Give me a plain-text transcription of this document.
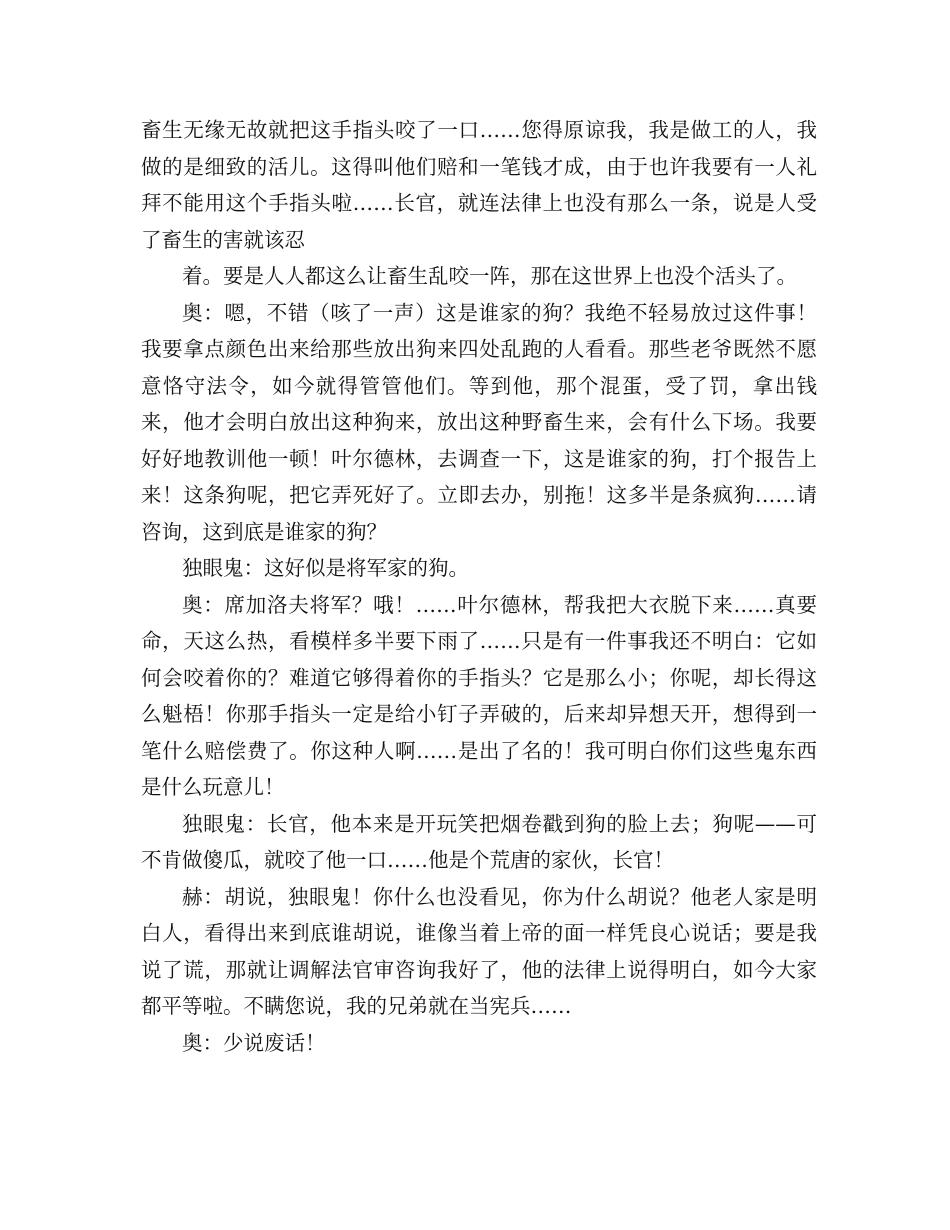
畜生无缘无故就把这手指头咬了一口……您得原谅我，我是做工的人，我做的是细致的活儿。这得叫他们赔和一笔钱才成，由于也许我要有一人礼拜不能用这个手指头啦……长官，就连法律上也没有那么一条，说是人受了畜生的害就该忍

着。要是人人都这么让畜生乱咬一阵，那在这世界上也没个活头了。

奥：嗯，不错（咳了一声）这是谁家的狗？我绝不轻易放过这件事！我要拿点颜色出来给那些放出狗来四处乱跑的人看看。那些老爷既然不愿意恪守法令，如今就得管管他们。等到他，那个混蛋，受了罚，拿出钱来，他才会明白放出这种狗来，放出这种野畜生来，会有什么下场。我要好好地教训他一顿！叶尔德林，去调查一下，这是谁家的狗，打个报告上来！这条狗呢，把它弄死好了。立即去办，别拖！这多半是条疯狗……请咨询，这到底是谁家的狗？

独眼鬼：这好似是将军家的狗。

奥：席加洛夫将军？哦！……叶尔德林，帮我把大衣脱下来……真要命，天这么热，看模样多半要下雨了……只是有一件事我还不明白：它如何会咬着你的？难道它够得着你的手指头？它是那么小；你呢，却长得这么魁梧！你那手指头一定是给小钉子弄破的，后来却异想天开，想得到一笔什么赔偿费了。你这种人啊……是出了名的！我可明白你们这些鬼东西是什么玩意儿！

独眼鬼：长官，他本来是开玩笑把烟卷戳到狗的脸上去；狗呢——可不肯做傻瓜，就咬了他一口……他是个荒唐的家伙，长官！

赫：胡说，独眼鬼！你什么也没看见，你为什么胡说？他老人家是明白人，看得出来到底谁胡说，谁像当着上帝的面一样凭良心说话；要是我说了谎，那就让调解法官审咨询我好了，他的法律上说得明白，如今大家都平等啦。不瞒您说，我的兄弟就在当宪兵……

奥：少说废话！
